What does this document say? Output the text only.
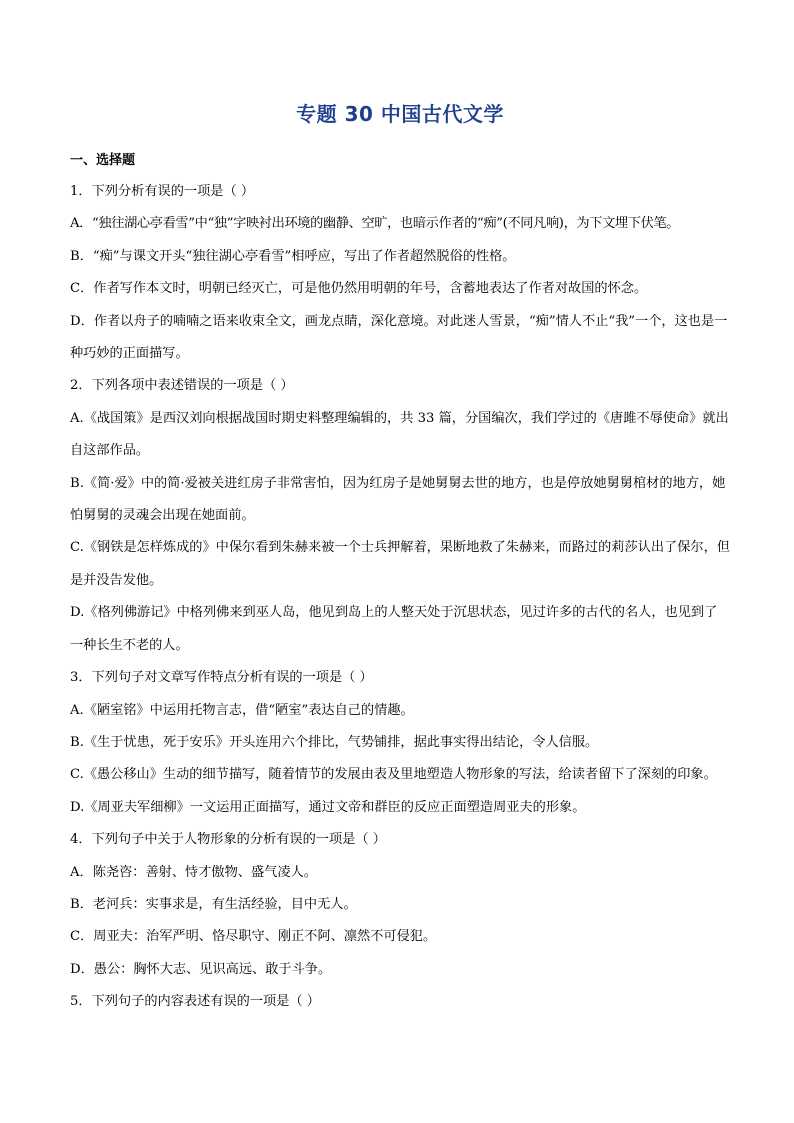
专题 30 中国古代文学
一、选择题

1．下列分析有误的一项是（ ）

A．“独往湖心亭看雪”中“独”字映衬出环境的幽静、空旷，也暗示作者的“痴”(不同凡响)，为下文埋下伏笔。

B．“痴”与课文开头“独往湖心亭看雪”相呼应，写出了作者超然脱俗的性格。

C．作者写作本文时，明朝已经灭亡，可是他仍然用明朝的年号，含蓄地表达了作者对故国的怀念。

D．作者以舟子的喃喃之语来收束全文，画龙点睛，深化意境。对此迷人雪景，“痴”情人不止“我”一个，这也是一种巧妙的正面描写。

2．下列各项中表述错误的一项是（ ）

A.《战国策》是西汉刘向根据战国时期史料整理编辑的，共 33 篇，分国编次，我们学过的《唐雎不辱使命》就出自这部作品。

B.《简·爱》中的简·爱被关进红房子非常害怕，因为红房子是她舅舅去世的地方，也是停放她舅舅棺材的地方，她怕舅舅的灵魂会出现在她面前。

C.《钢铁是怎样炼成的》中保尔看到朱赫来被一个士兵押解着，果断地救了朱赫来，而路过的莉莎认出了保尔，但是并没告发他。

D.《格列佛游记》中格列佛来到巫人岛，他见到岛上的人整天处于沉思状态，见过许多的古代的名人，也见到了一种长生不老的人。

3．下列句子对文章写作特点分析有误的一项是（ ）

A.《陋室铭》中运用托物言志，借“陋室”表达自己的情趣。

B.《生于忧患，死于安乐》开头连用六个排比，气势铺排，据此事实得出结论，令人信服。

C.《愚公移山》生动的细节描写，随着情节的发展由表及里地塑造人物形象的写法，给读者留下了深刻的印象。

D.《周亚夫军细柳》一文运用正面描写，通过文帝和群臣的反应正面塑造周亚夫的形象。

4．下列句子中关于人物形象的分析有误的一项是（ ）

A．陈尧咨：善射、恃才傲物、盛气凌人。

B．老河兵：实事求是，有生活经验，目中无人。

C．周亚夫：治军严明、恪尽职守、刚正不阿、凛然不可侵犯。

D．愚公：胸怀大志、见识高远、敢于斗争。

5．下列句子的内容表述有误的一项是（ ）
